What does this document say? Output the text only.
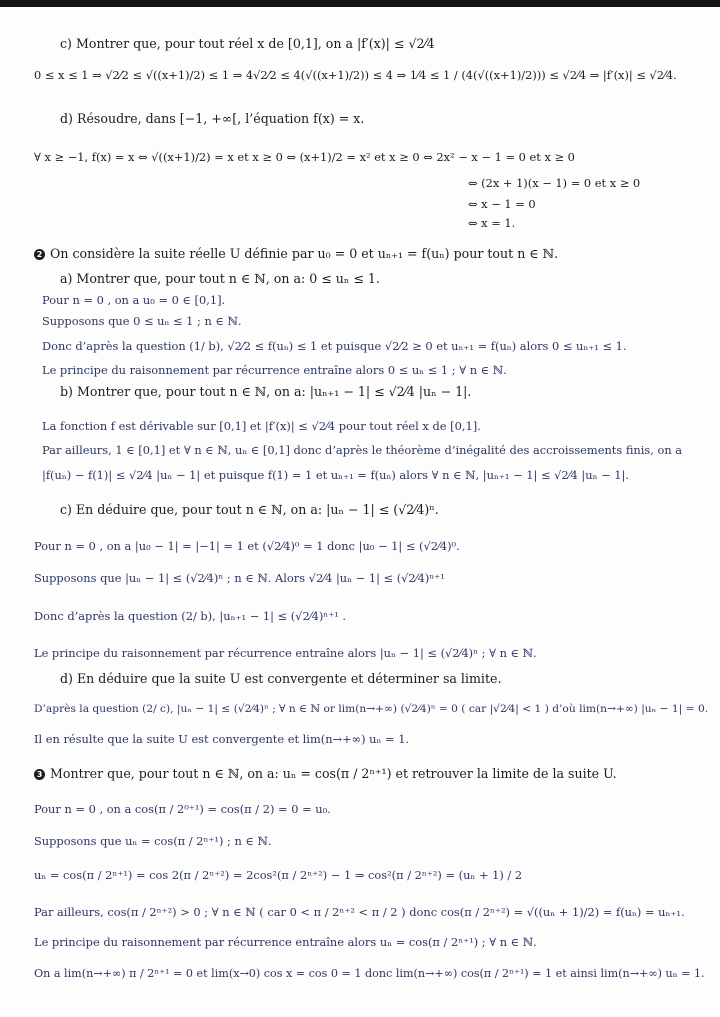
c) Montrer que, pour tout réel x de [0,1], on a |f′(x)| ≤ √2⁄4
0 ≤ x ≤ 1 ⇒ √2⁄2 ≤ √((x+1)/2) ≤ 1 ⇒ 4√2⁄2 ≤ 4(√((x+1)/2)) ≤ 4 ⇒ 1⁄4 ≤ 1 / (4(√((x+1)/2))) ≤ √2⁄4 ⇒ |f′(x)| ≤ √2⁄4.
d) Résoudre, dans [−1, +∞[, l’équation f(x) = x.
∀ x ≥ −1, f(x) = x ⇔ √((x+1)/2) = x et x ≥ 0 ⇔ (x+1)/2 = x² et x ≥ 0 ⇔ 2x² − x − 1 = 0 et x ≥ 0
⇔ (2x + 1)(x − 1) = 0 et x ≥ 0
⇔ x − 1 = 0
⇔ x = 1.
2 On considère la suite réelle U définie par u₀ = 0 et uₙ₊₁ = f(uₙ) pour tout n ∈ ℕ.
a) Montrer que, pour tout n ∈ ℕ, on a: 0 ≤ uₙ ≤ 1.
Pour n = 0 , on a u₀ = 0 ∈ [0,1].
Supposons que 0 ≤ uₙ ≤ 1 ; n ∈ ℕ.
Donc d’après la question (1/ b), √2⁄2 ≤ f(uₙ) ≤ 1 et puisque √2⁄2 ≥ 0 et uₙ₊₁ = f(uₙ) alors 0 ≤ uₙ₊₁ ≤ 1.
Le principe du raisonnement par récurrence entraîne alors 0 ≤ uₙ ≤ 1 ; ∀ n ∈ ℕ.
b) Montrer que, pour tout n ∈ ℕ, on a: |uₙ₊₁ − 1| ≤ √2⁄4 |uₙ − 1|.
La fonction f est dérivable sur [0,1] et |f′(x)| ≤ √2⁄4 pour tout réel x de [0,1].
Par ailleurs, 1 ∈ [0,1] et ∀ n ∈ ℕ, uₙ ∈ [0,1] donc d’après le théorème d’inégalité des accroissements finis, on a
|f(uₙ) − f(1)| ≤ √2⁄4 |uₙ − 1| et puisque f(1) = 1 et uₙ₊₁ = f(uₙ) alors ∀ n ∈ ℕ, |uₙ₊₁ − 1| ≤ √2⁄4 |uₙ − 1|.
c) En déduire que, pour tout n ∈ ℕ, on a: |uₙ − 1| ≤ (√2⁄4)ⁿ.
Pour n = 0 , on a |u₀ − 1| = |−1| = 1 et (√2⁄4)⁰ = 1 donc |u₀ − 1| ≤ (√2⁄4)⁰.
Supposons que |uₙ − 1| ≤ (√2⁄4)ⁿ ; n ∈ ℕ. Alors √2⁄4 |uₙ − 1| ≤ (√2⁄4)ⁿ⁺¹
Donc d’après la question (2/ b), |uₙ₊₁ − 1| ≤ (√2⁄4)ⁿ⁺¹ .
Le principe du raisonnement par récurrence entraîne alors |uₙ − 1| ≤ (√2⁄4)ⁿ ; ∀ n ∈ ℕ.
d) En déduire que la suite U est convergente et déterminer sa limite.
D’après la question (2/ c), |uₙ − 1| ≤ (√2⁄4)ⁿ ; ∀ n ∈ ℕ or lim(n→+∞) (√2⁄4)ⁿ = 0 ( car |√2⁄4| < 1 ) d’où lim(n→+∞) |uₙ − 1| = 0.
Il en résulte que la suite U est convergente et lim(n→+∞) uₙ = 1.
3 Montrer que, pour tout n ∈ ℕ, on a: uₙ = cos(π / 2ⁿ⁺¹) et retrouver la limite de la suite U.
Pour n = 0 , on a cos(π / 2⁰⁺¹) = cos(π / 2) = 0 = u₀.
Supposons que uₙ = cos(π / 2ⁿ⁺¹) ; n ∈ ℕ.
uₙ = cos(π / 2ⁿ⁺¹) = cos 2(π / 2ⁿ⁺²) = 2cos²(π / 2ⁿ⁺²) − 1 ⇒ cos²(π / 2ⁿ⁺²) = (uₙ + 1) / 2
Par ailleurs, cos(π / 2ⁿ⁺²) > 0 ; ∀ n ∈ ℕ ( car 0 < π / 2ⁿ⁺² < π / 2 ) donc cos(π / 2ⁿ⁺²) = √((uₙ + 1)/2) = f(uₙ) = uₙ₊₁.
Le principe du raisonnement par récurrence entraîne alors uₙ = cos(π / 2ⁿ⁺¹) ; ∀ n ∈ ℕ.
On a lim(n→+∞) π / 2ⁿ⁺¹ = 0 et lim(x→0) cos x = cos 0 = 1 donc lim(n→+∞) cos(π / 2ⁿ⁺¹) = 1 et ainsi lim(n→+∞) uₙ = 1.
